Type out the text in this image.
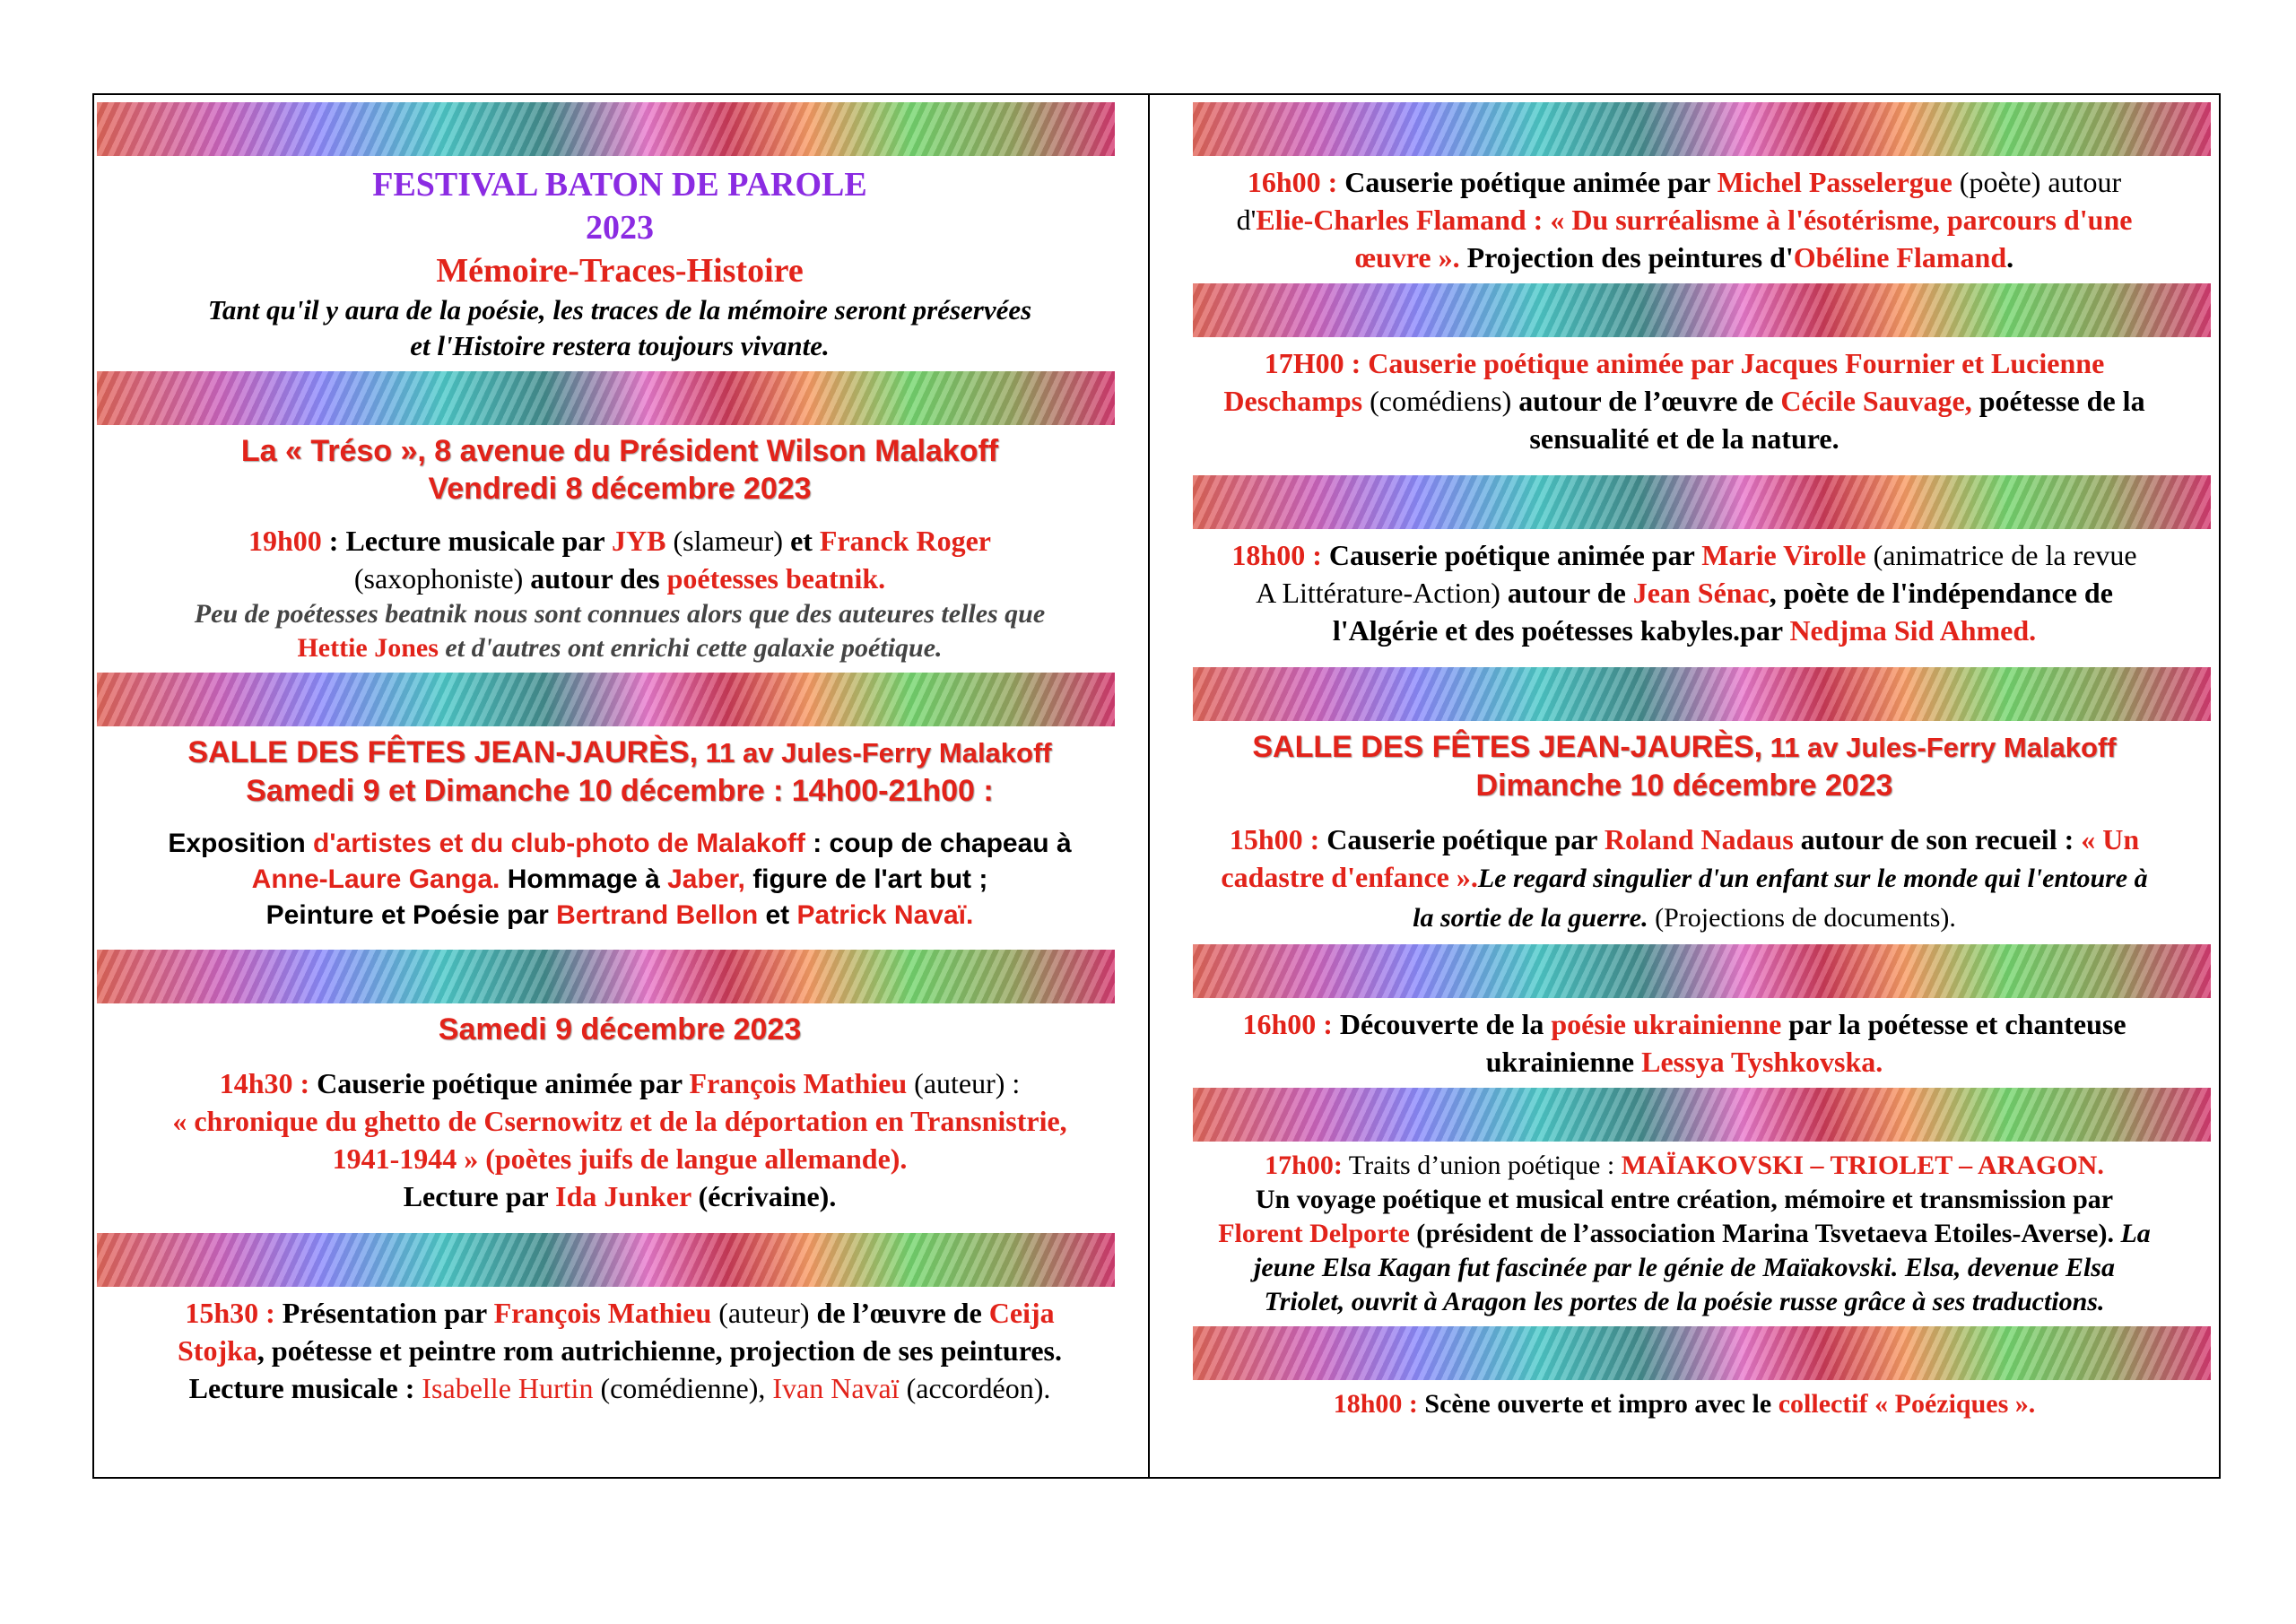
FESTIVAL BATON DE PAROLE

2023

Mémoire-Traces-Histoire

Tant qu'il y aura de la poésie, les traces de la mémoire seront préservées

et l'Histoire restera toujours vivante.

La « Tréso », 8 avenue du Président Wilson Malakoff

Vendredi 8 décembre 2023

19h00 : Lecture musicale par JYB (slameur) et Franck Roger
(saxophoniste) autour des poétesses beatnik.

Peu de poétesses beatnik nous sont connues alors que des auteures telles que
Hettie Jones et d'autres ont enrichi cette galaxie poétique.

SALLE DES FÊTES JEAN-JAURÈS, 11 av Jules-Ferry Malakoff

Samedi 9 et Dimanche 10 décembre : 14h00-21h00 :

Exposition d'artistes et du club-photo de Malakoff : coup de chapeau à
Anne-Laure Ganga. Hommage à Jaber, figure de l'art but ;
Peinture et Poésie par Bertrand Bellon et Patrick Navaï.

Samedi 9 décembre 2023

14h30 : Causerie poétique animée par François Mathieu (auteur) :
« chronique du ghetto de Csernowitz et de la déportation en Transnistrie,
1941-1944 » (poètes juifs de langue allemande).
Lecture par Ida Junker (écrivaine).

15h30 : Présentation par François Mathieu (auteur) de l’œuvre de Ceija
Stojka, poétesse et peintre rom autrichienne, projection de ses peintures.
Lecture musicale : Isabelle Hurtin (comédienne), Ivan Navaï (accordéon).

16h00 : Causerie poétique animée par Michel Passelergue (poète) autour
d'Elie-Charles Flamand : « Du surréalisme à l'ésotérisme, parcours d'une
œuvre ». Projection des peintures d'Obéline Flamand.

17H00 : Causerie poétique animée par Jacques Fournier et Lucienne
Deschamps (comédiens) autour de l’œuvre de Cécile Sauvage, poétesse de la
sensualité et de la nature.

18h00 : Causerie poétique animée par Marie Virolle (animatrice de la revue
A Littérature-Action) autour de Jean Sénac, poète de l'indépendance de
l'Algérie et des poétesses kabyles.par Nedjma Sid Ahmed.

SALLE DES FÊTES JEAN-JAURÈS, 11 av Jules-Ferry Malakoff

Dimanche 10 décembre 2023

15h00 : Causerie poétique par Roland Nadaus autour de son recueil : « Un
cadastre d'enfance ».Le regard singulier d'un enfant sur le monde qui l'entoure à
la sortie de la guerre. (Projections de documents).

16h00 : Découverte de la poésie ukrainienne par la poétesse et chanteuse
ukrainienne Lessya Tyshkovska.

17h00: Traits d’union poétique : MAÏAKOVSKI – TRIOLET – ARAGON.
Un voyage poétique et musical entre création, mémoire et transmission par
Florent Delporte (président de l’association Marina Tsvetaeva Etoiles-Averse). La
jeune Elsa Kagan fut fascinée par le génie de Maïakovski. Elsa, devenue Elsa
Triolet, ouvrit à Aragon les portes de la poésie russe grâce à ses traductions.

18h00 : Scène ouverte et impro avec le collectif « Poéziques ».
